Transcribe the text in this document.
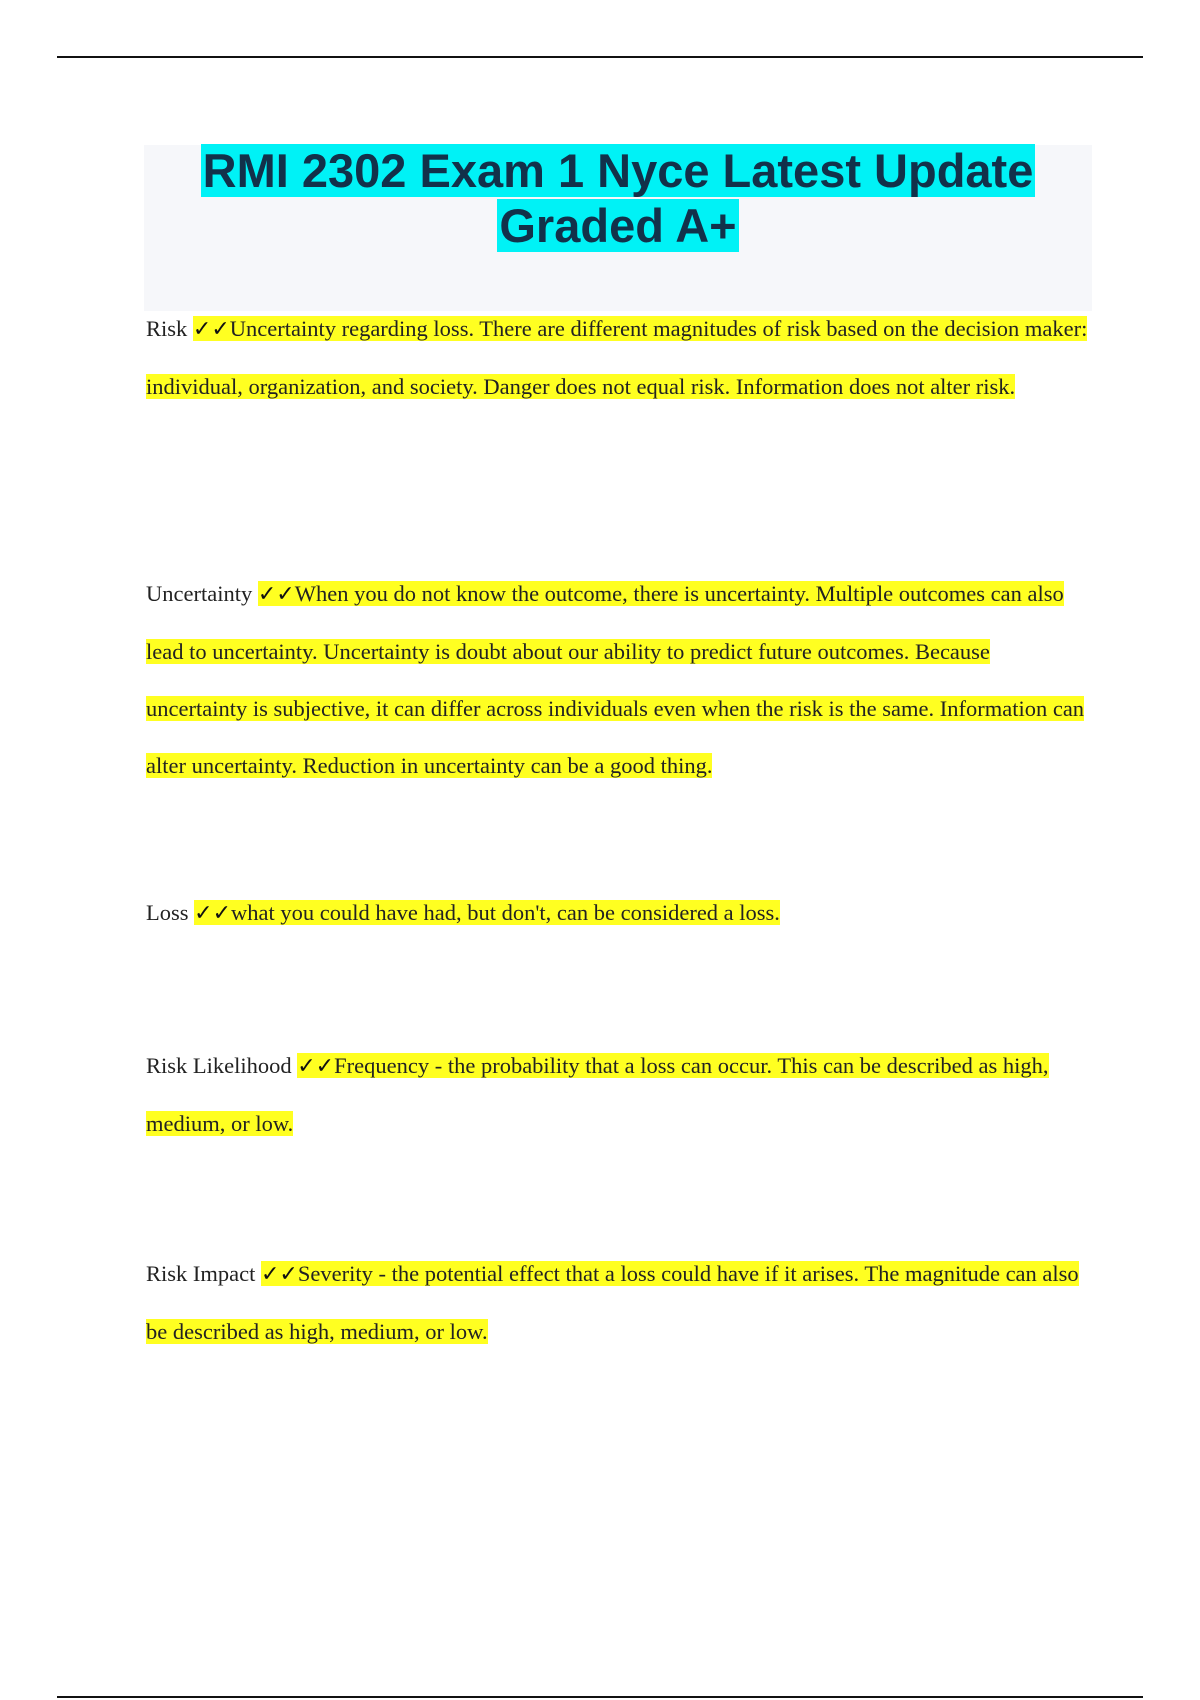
RMI 2302 Exam 1 Nyce Latest Update
Graded A+

Risk ✓✓Uncertainty regarding loss. There are different magnitudes of risk based on the decision maker: individual, organization, and society. Danger does not equal risk. Information does not alter risk.

Uncertainty ✓✓When you do not know the outcome, there is uncertainty. Multiple outcomes can also lead to uncertainty. Uncertainty is doubt about our ability to predict future outcomes. Because uncertainty is subjective, it can differ across individuals even when the risk is the same. Information can alter uncertainty. Reduction in uncertainty can be a good thing.

Loss ✓✓what you could have had, but don't, can be considered a loss.

Risk Likelihood ✓✓Frequency - the probability that a loss can occur. This can be described as high, medium, or low.

Risk Impact ✓✓Severity - the potential effect that a loss could have if it arises. The magnitude can also be described as high, medium, or low.
